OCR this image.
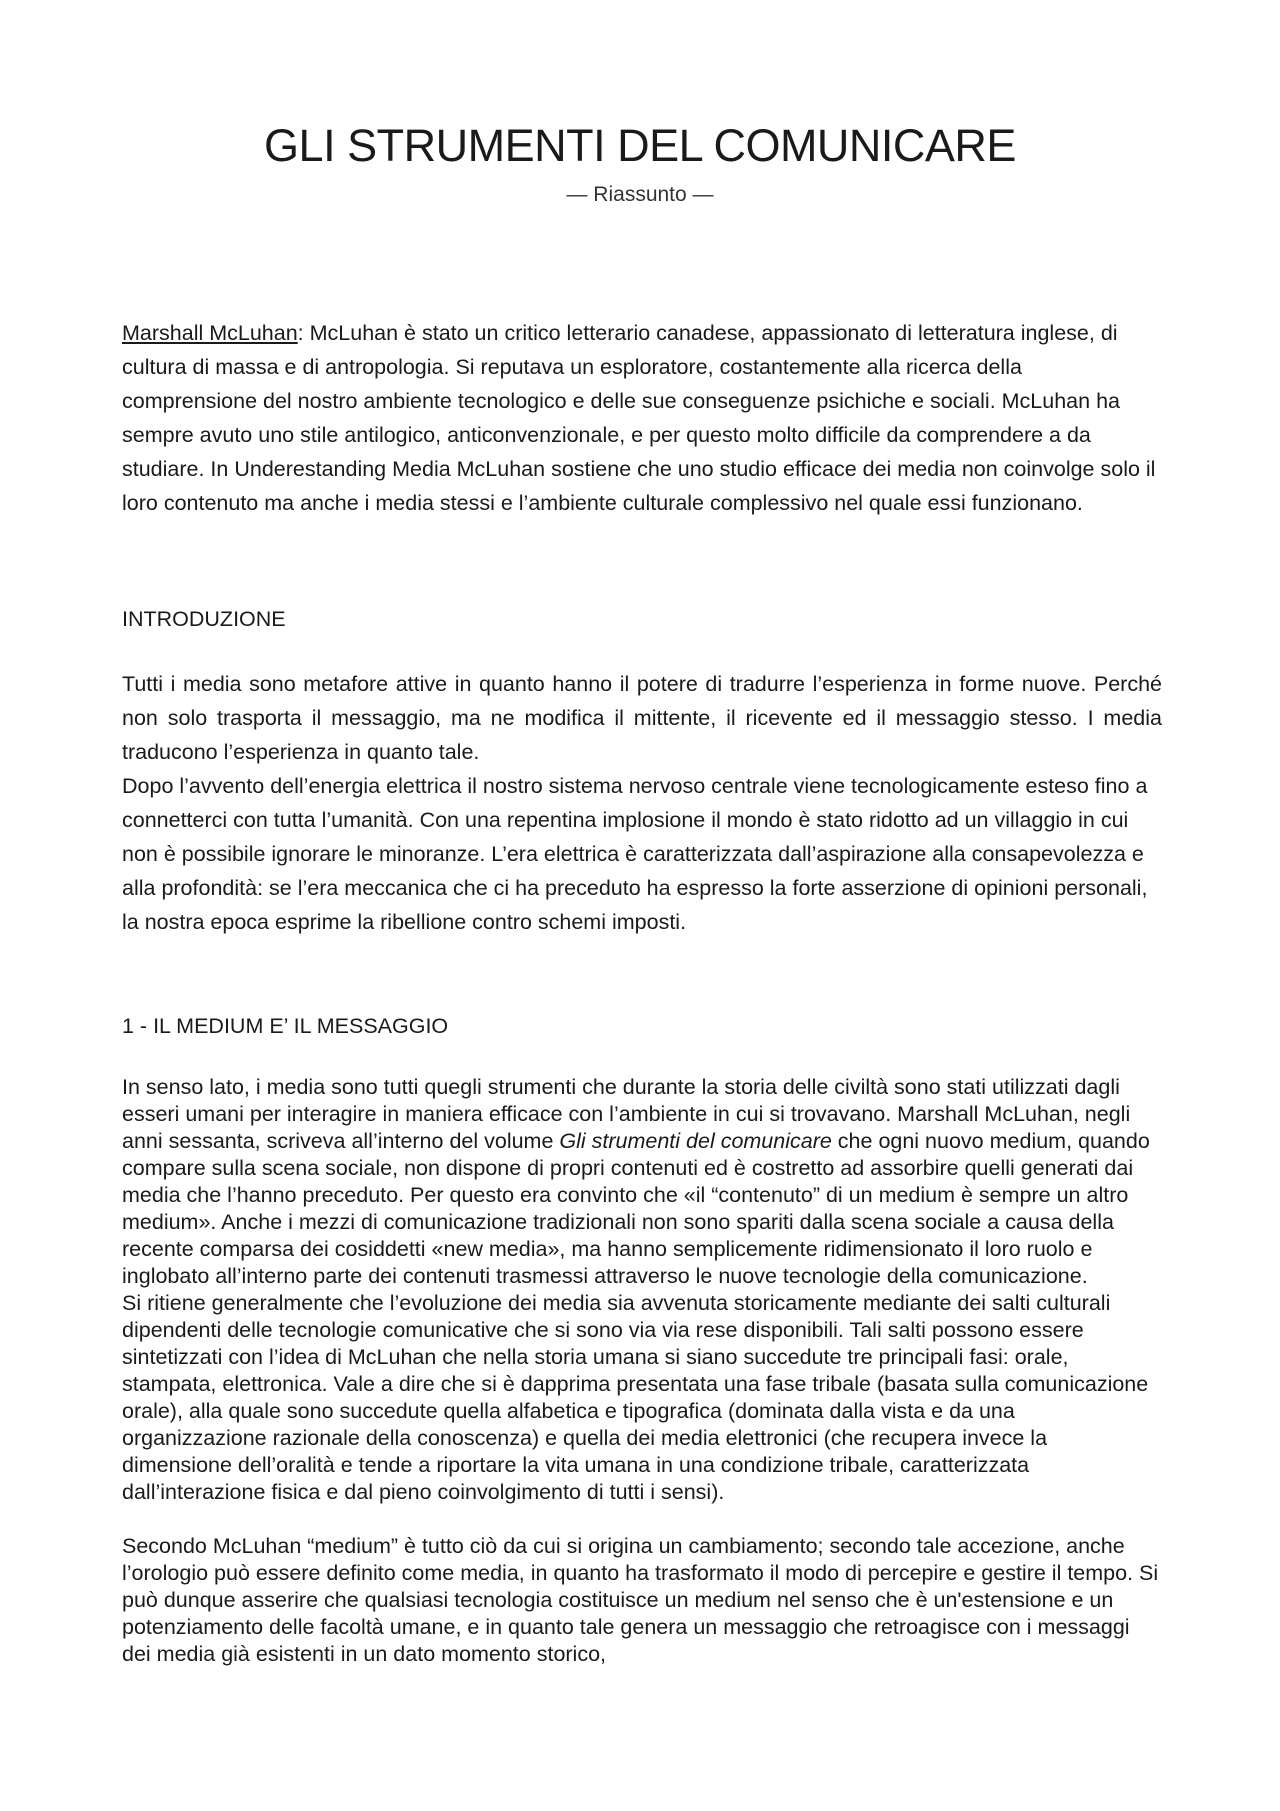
GLI STRUMENTI DEL COMUNICARE
— Riassunto —

Marshall McLuhan: McLuhan è stato un critico letterario canadese, appassionato di letteratura inglese, di cultura di massa e di antropologia. Si reputava un esploratore, costantemente alla ricerca della comprensione del nostro ambiente tecnologico e delle sue conseguenze psichiche e sociali. McLuhan ha sempre avuto uno stile antilogico, anticonvenzionale, e per questo molto difficile da comprendere a da studiare. In Underestanding Media McLuhan sostiene che uno studio efficace dei media non coinvolge solo il loro contenuto ma anche i media stessi e l’ambiente culturale complessivo nel quale essi funzionano.

INTRODUZIONE

Tutti i media sono metafore attive in quanto hanno il potere di tradurre l’esperienza in forme nuove. Perché non solo trasporta il messaggio, ma ne modifica il mittente, il ricevente ed il messaggio stesso. I media traducono l’esperienza in quanto tale.

Dopo l’avvento dell’energia elettrica il nostro sistema nervoso centrale viene tecnologicamente esteso fino a connetterci con tutta l’umanità. Con una repentina implosione il mondo è stato ridotto ad un villaggio in cui non è possibile ignorare le minoranze. L’era elettrica è caratterizzata dall’aspirazione alla consapevolezza e alla profondità: se l’era meccanica che ci ha preceduto ha espresso la forte asserzione di opinioni personali, la nostra epoca esprime la ribellione contro schemi imposti.

1 - IL MEDIUM E’ IL MESSAGGIO

In senso lato, i media sono tutti quegli strumenti che durante la storia delle civiltà sono stati utilizzati dagli esseri umani per interagire in maniera efficace con l’ambiente in cui si trovavano. Marshall McLuhan, negli anni sessanta, scriveva all’interno del volume Gli strumenti del comunicare che ogni nuovo medium, quando compare sulla scena sociale, non dispone di propri contenuti ed è costretto ad assorbire quelli generati dai media che l’hanno preceduto. Per questo era convinto che «il “contenuto” di un medium è sempre un altro medium». Anche i mezzi di comunicazione tradizionali non sono spariti dalla scena sociale a causa della recente comparsa dei cosiddetti «new media», ma hanno semplicemente ridimensionato il loro ruolo e inglobato all’interno parte dei contenuti trasmessi attraverso le nuove tecnologie della comunicazione.

Si ritiene generalmente che l’evoluzione dei media sia avvenuta storicamente mediante dei salti culturali dipendenti delle tecnologie comunicative che si sono via via rese disponibili. Tali salti possono essere sintetizzati con l’idea di McLuhan che nella storia umana si siano succedute tre principali fasi: orale, stampata, elettronica. Vale a dire che si è dapprima presentata una fase tribale (basata sulla comunicazione orale), alla quale sono succedute quella alfabetica e tipografica (dominata dalla vista e da una organizzazione razionale della conoscenza) e quella dei media elettronici (che recupera invece la dimensione dell’oralità e tende a riportare la vita umana in una condizione tribale, caratterizzata dall’interazione fisica e dal pieno coinvolgimento di tutti i sensi).

Secondo McLuhan “medium” è tutto ciò da cui si origina un cambiamento; secondo tale accezione, anche l’orologio può essere definito come media, in quanto ha trasformato il modo di percepire e gestire il tempo. Si può dunque asserire che qualsiasi tecnologia costituisce un medium nel senso che è un'estensione e un potenziamento delle facoltà umane, e in quanto tale genera un messaggio che retroagisce con i messaggi dei media già esistenti in un dato momento storico,
